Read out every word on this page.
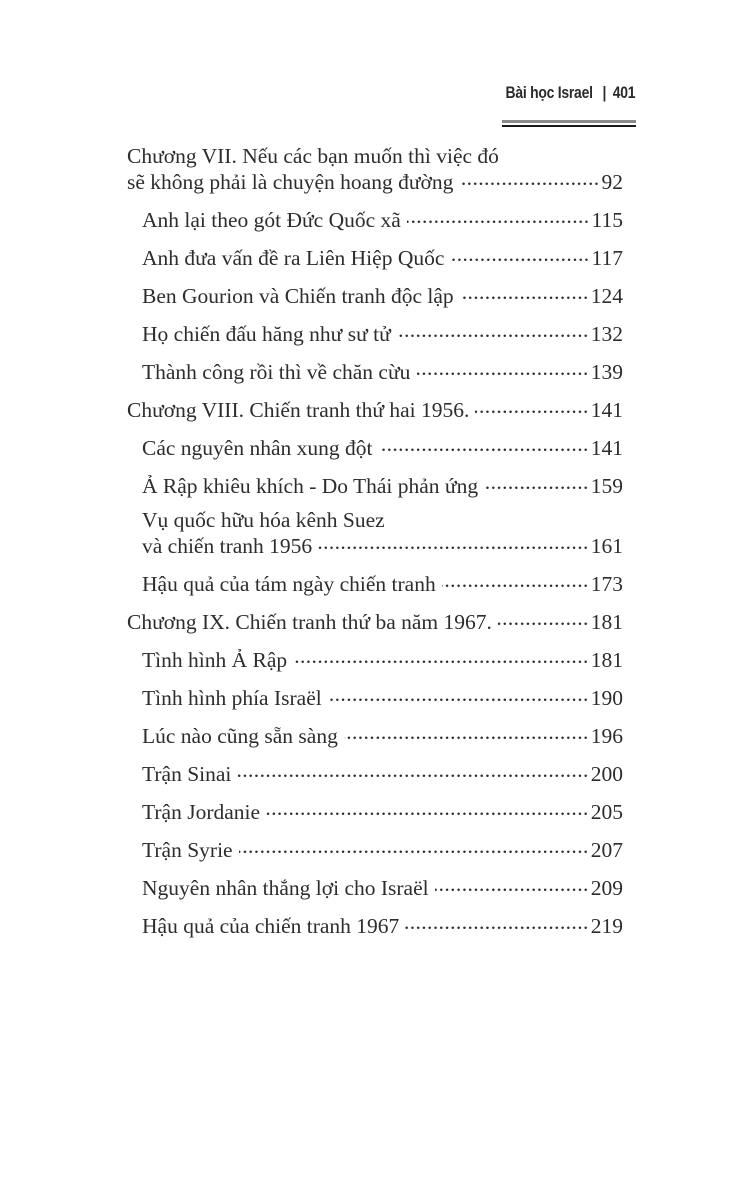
Bài học Israel | 401
Chương VII. Nếu các bạn muốn thì việc đó
sẽ không phải là chuyện hoang đường .....	92
Anh lại theo gót Đức Quốc xã .....	115
Anh đưa vấn đề ra Liên Hiệp Quốc .....	117
Ben Gourion và Chiến tranh độc lập .....	124
Họ chiến đấu hăng như sư tử .....	132
Thành công rồi thì về chăn cừu .....	139
Chương VIII. Chiến tranh thứ hai 1956. .....	141
Các nguyên nhân xung đột .....	141
Ả Rập khiêu khích - Do Thái phản ứng .....	159
Vụ quốc hữu hóa kênh Suez
và chiến tranh 1956 .....	161
Hậu quả của tám ngày chiến tranh .....	173
Chương IX. Chiến tranh thứ ba năm 1967. .....	181
Tình hình Ả Rập .....	181
Tình hình phía Israël .....	190
Lúc nào cũng sẵn sàng .....	196
Trận Sinai .....	200
Trận Jordanie .....	205
Trận Syrie .....	207
Nguyên nhân thắng lợi cho Israël .....	209
Hậu quả của chiến tranh 1967 .....	219
